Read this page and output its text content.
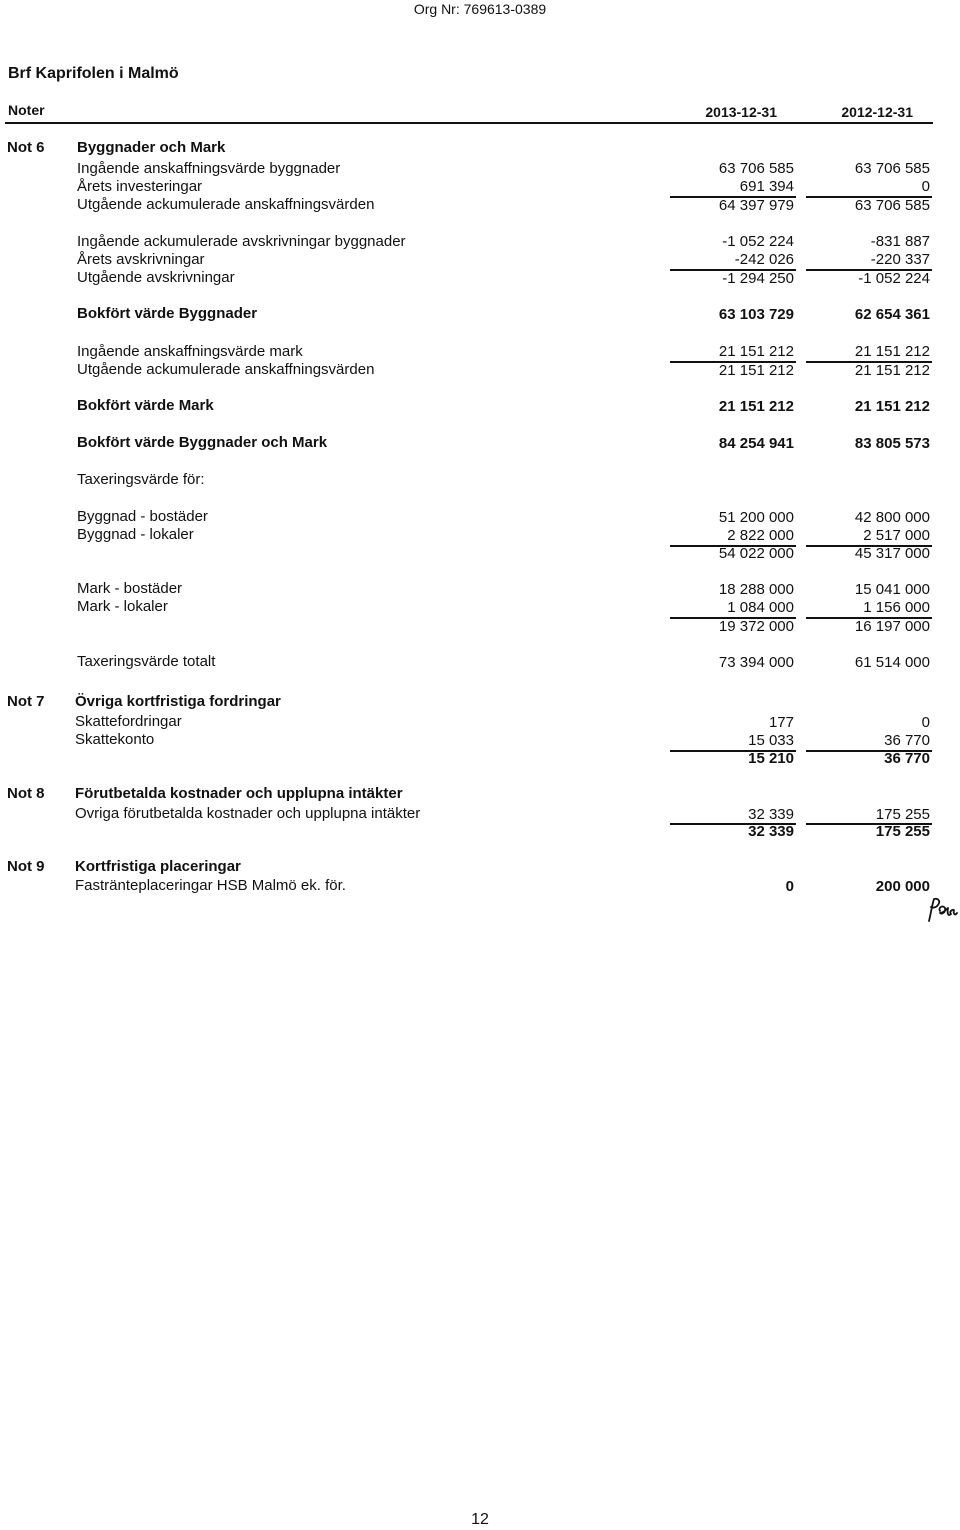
Org Nr: 769613-0389
Brf Kaprifolen i Malmö
Noter	2013-12-31	2012-12-31
Not 6 Byggnader och Mark
Ingående anskaffningsvärde byggnader	63 706 585	63 706 585
Årets investeringar	691 394	0
Utgående ackumulerade anskaffningsvärden	64 397 979	63 706 585
Ingående ackumulerade avskrivningar byggnader	-1 052 224	-831 887
Årets avskrivningar	-242 026	-220 337
Utgående avskrivningar	-1 294 250	-1 052 224
Bokfört värde Byggnader	63 103 729	62 654 361
Ingående anskaffningsvärde mark	21 151 212	21 151 212
Utgående ackumulerade anskaffningsvärden	21 151 212	21 151 212
Bokfört värde Mark	21 151 212	21 151 212
Bokfört värde Byggnader och Mark	84 254 941	83 805 573
Taxeringsvärde för:
Byggnad - bostäder	51 200 000	42 800 000
Byggnad - lokaler	2 822 000	2 517 000
54 022 000	45 317 000
Mark - bostäder	18 288 000	15 041 000
Mark - lokaler	1 084 000	1 156 000
19 372 000	16 197 000
Taxeringsvärde totalt	73 394 000	61 514 000
Not 7 Övriga kortfristiga fordringar
Skattefordringar	177	0
Skattekonto	15 033	36 770
15 210	36 770
Not 8 Förutbetalda kostnader och upplupna intäkter
Ovriga förutbetalda kostnader och upplupna intäkter	32 339	175 255
32 339	175 255
Not 9 Kortfristiga placeringar
Fastränteplaceringar HSB Malmö ek. för.	0	200 000
12
